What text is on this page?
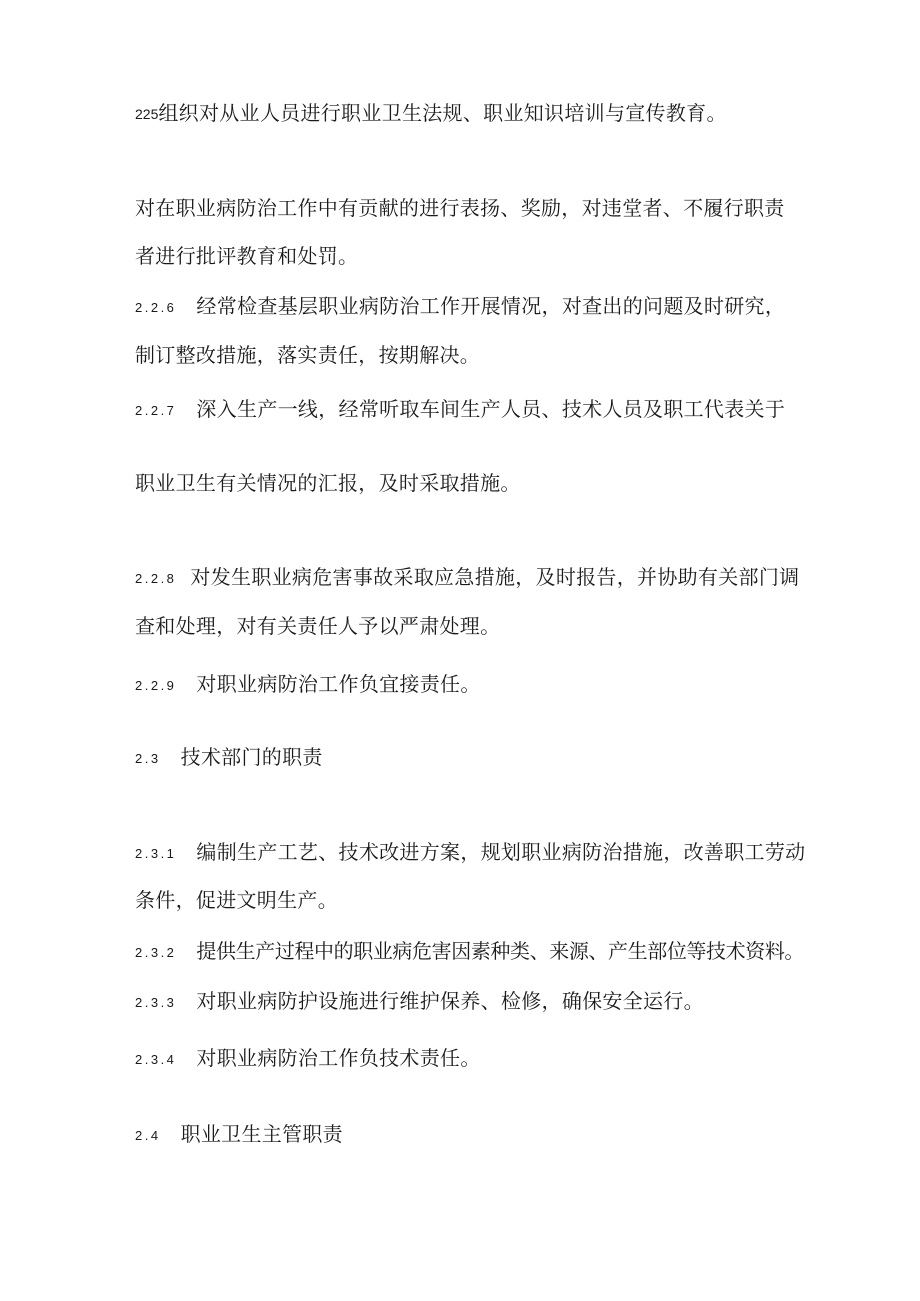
225组织对从业人员进行职业卫生法规、职业知识培训与宣传教育。
对在职业病防治工作中有贡献的进行表扬、奖励，对违堂者、不履行职责
者进行批评教育和处罚。
2.2.6 经常检查基层职业病防治工作开展情况，对查出的问题及时研究，
制订整改措施，落实责任，按期解决。
2.2.7 深入生产一线，经常听取车间生产人员、技术人员及职工代表关于
职业卫生有关情况的汇报，及时采取措施。
2.2.8 对发生职业病危害事故采取应急措施，及时报告，并协助有关部门调
查和处理，对有关责任人予以严肃处理。
2.2.9 对职业病防治工作负宜接责任。
2.3 技术部门的职责
2.3.1 编制生产工艺、技术改进方案，规划职业病防治措施，改善职工劳动
条件，促进文明生产。
2.3.2 提供生产过程中的职业病危害因素种类、来源、产生部位等技术资料。
2.3.3 对职业病防护设施进行维护保养、检修，确保安全运行。
2.3.4 对职业病防治工作负技术责任。
2.4 职业卫生主管职责
